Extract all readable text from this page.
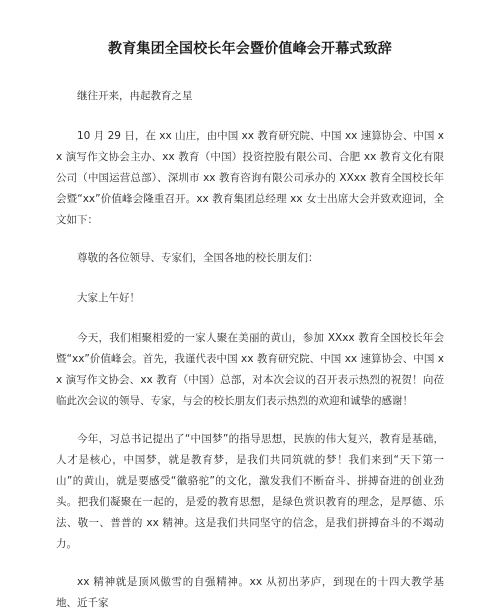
教育集团全国校长年会暨价值峰会开幕式致辞

继往开来，冉起教育之星

10 月 29 日，在 xx 山庄，由中国 xx 教育研究院、中国 xx 速算协会、中国 xx 演写作文协会主办、xx 教育（中国）投资控股有限公司、合肥 xx 教育文化有限公司（中国运营总部）、深圳市 xx 教育咨询有限公司承办的 XXxx 教育全国校长年会暨“xx”价值峰会隆重召开。xx 教育集团总经理 xx 女士出席大会并致欢迎词，全文如下：

尊敬的各位领导、专家们，全国各地的校长朋友们：

大家上午好！

今天，我们相聚相爱的一家人聚在美丽的黄山，参加 XXxx 教育全国校长年会暨“xx”价值峰会。首先，我谨代表中国 xx 教育研究院、中国 xx 速算协会、中国 xx 演写作文协会、xx 教育（中国）总部，对本次会议的召开表示热烈的祝贺！向莅临此次会议的领导、专家，与会的校长朋友们表示热烈的欢迎和诚挚的感谢！

今年，习总书记提出了“中国梦”的指导思想，民族的伟大复兴，教育是基础，人才是核心，中国梦，就是教育梦，是我们共同筑就的梦！我们来到“天下第一山”的黄山，就是要感受“徽骆驼”的文化，激发我们不断奋斗、拼搏奋进的创业劲头。把我们凝聚在一起的，是爱的教育思想，是绿色赏识教育的理念，是厚德、乐法、敬一、普普的 xx 精神。这是我们共同坚守的信念，是我们拼搏奋斗的不竭动力。

xx 精神就是顶风傲雪的自强精神。xx 从初出茅庐，到现在的十四大教学基地、近千家
